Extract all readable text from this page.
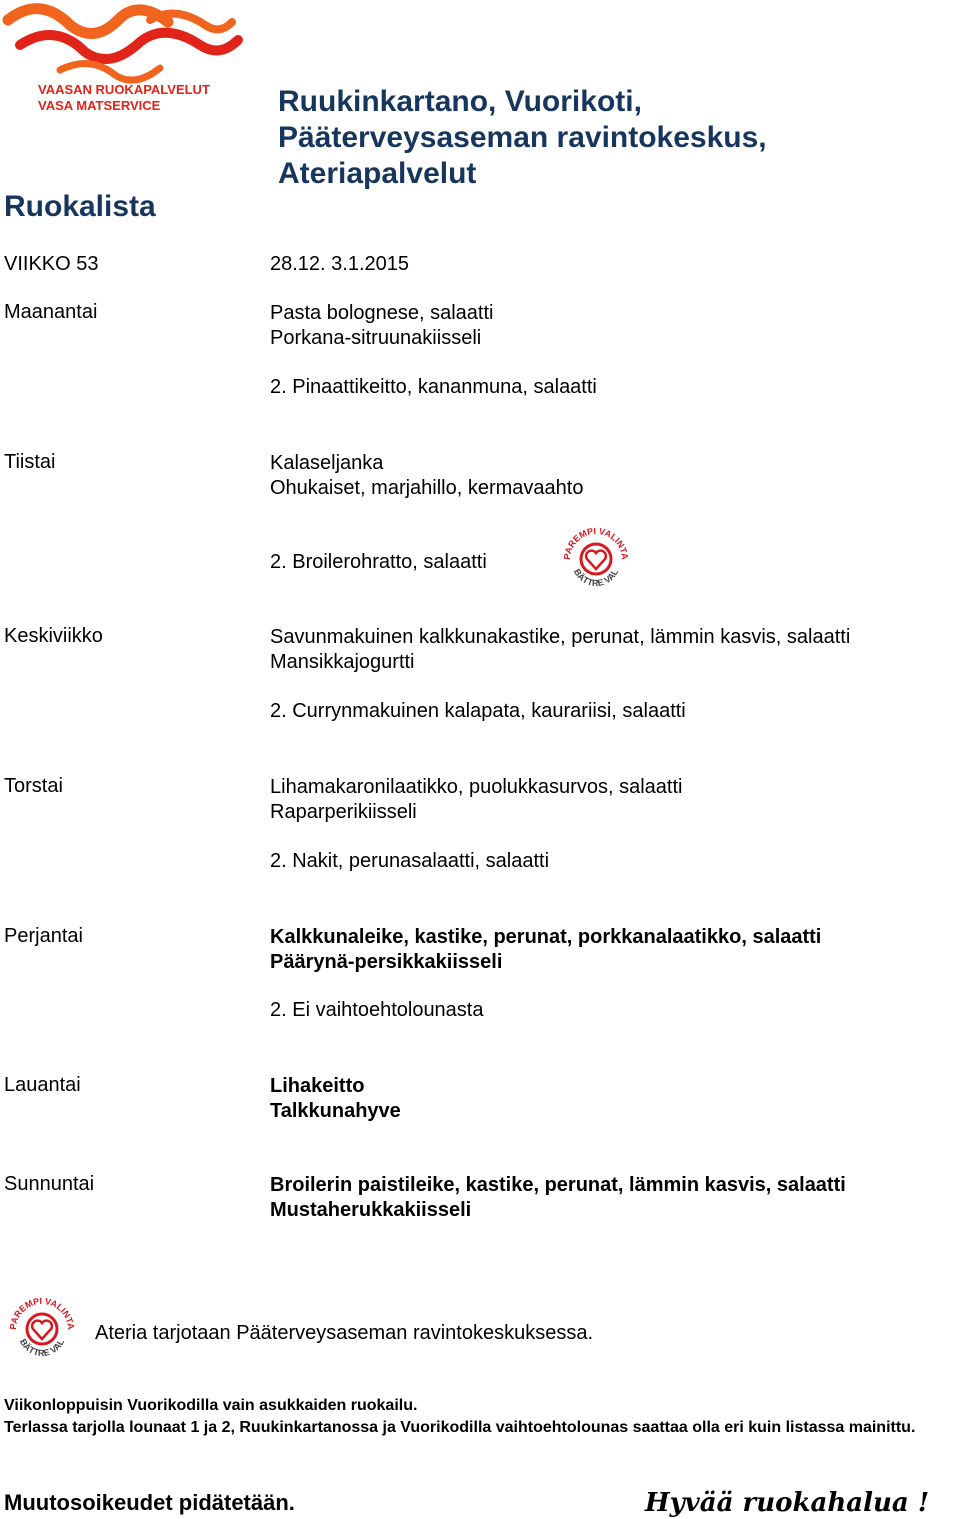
VAASAN RUOKAPALVELUT
VASA MATSERVICE	Ruukinkartano, Vuorikoti,
Pääterveysaseman ravintokeskus,
Ateriapalvelut
Ruokalista
VIIKKO 53	28.12. 3.1.2015
Maanantai	Pasta bolognese, salaatti
Porkana-sitruunakiisseli
2. Pinaattikeitto, kananmuna, salaatti
Tiistai	Kalaseljanka
Ohukaiset, marjahillo, kermavaahto
2. Broilerohratto, salaatti	PAREMPI VALINTA
BÄTTRE VAL
Keskiviikko	Savunmakuinen kalkkunakastike, perunat, lämmin kasvis, salaatti
Mansikkajogurtti
2. Currynmakuinen kalapata, kaurariisi, salaatti
Torstai	Lihamakaronilaatikko, puolukkasurvos, salaatti
Raparperikiisseli
2. Nakit, perunasalaatti, salaatti
Perjantai	Kalkkunaleike, kastike, perunat, porkkanalaatikko, salaatti
Päärynä-persikkakiisseli
2. Ei vaihtoehtolounasta
Lauantai	Lihakeitto
Talkkunahyve
Sunnuntai	Broilerin paistileike, kastike, perunat, lämmin kasvis, salaatti
Mustaherukkakiisseli
PAREMPI VALINTA
BÄTTRE VAL Ateria tarjotaan Pääterveysaseman ravintokeskuksessa.
Viikonloppuisin Vuorikodilla vain asukkaiden ruokailu.
Terlassa tarjolla lounaat 1 ja 2, Ruukinkartanossa ja Vuorikodilla vaihtoehtolounas saattaa olla eri kuin listassa mainittu.
Muutosoikeudet pidätetään.	Hyvää ruokahalua !
